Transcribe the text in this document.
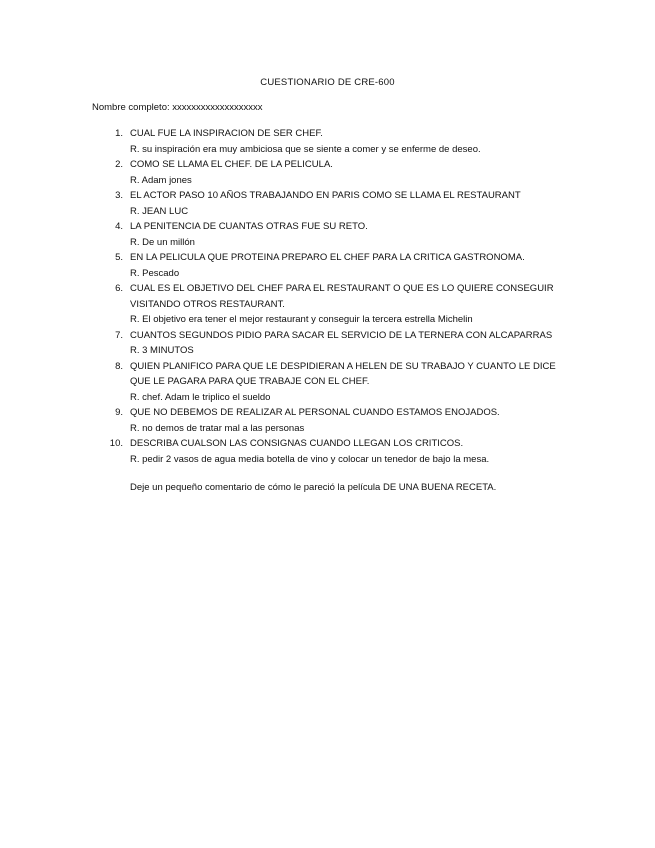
CUESTIONARIO DE CRE-600
Nombre completo: xxxxxxxxxxxxxxxxxxx
1. CUAL FUE LA INSPIRACION DE SER CHEF.
R. su inspiración era muy ambiciosa que se siente a comer y se enferme de deseo.
2. COMO SE LLAMA EL CHEF. DE LA PELICULA.
R. Adam jones
3. EL ACTOR PASO 10 AÑOS TRABAJANDO EN PARIS COMO SE LLAMA EL RESTAURANT
R. JEAN LUC
4. LA PENITENCIA DE CUANTAS OTRAS FUE SU RETO.
R. De un millón
5. EN LA PELICULA QUE PROTEINA PREPARO EL CHEF PARA LA CRITICA GASTRONOMA.
R. Pescado
6. CUAL ES EL OBJETIVO DEL CHEF PARA EL RESTAURANT O QUE ES LO QUIERE CONSEGUIR VISITANDO OTROS RESTAURANT.
R. El objetivo era tener el mejor restaurant y conseguir la tercera estrella Michelin
7. CUANTOS SEGUNDOS PIDIO PARA SACAR EL SERVICIO DE LA TERNERA CON ALCAPARRAS
R. 3 MINUTOS
8. QUIEN PLANIFICO PARA QUE LE DESPIDIERAN A HELEN DE SU TRABAJO Y CUANTO LE DICE QUE LE PAGARA PARA QUE TRABAJE CON EL CHEF.
R. chef. Adam le triplico el sueldo
9. QUE NO DEBEMOS DE REALIZAR AL PERSONAL CUANDO ESTAMOS ENOJADOS.
R. no demos de tratar mal a las personas
10. DESCRIBA CUALSON LAS CONSIGNAS CUANDO LLEGAN LOS CRITICOS.
R. pedir 2 vasos de agua media botella de vino y colocar un tenedor de bajo la mesa.
Deje un pequeño comentario de cómo le pareció la película DE UNA BUENA RECETA.
